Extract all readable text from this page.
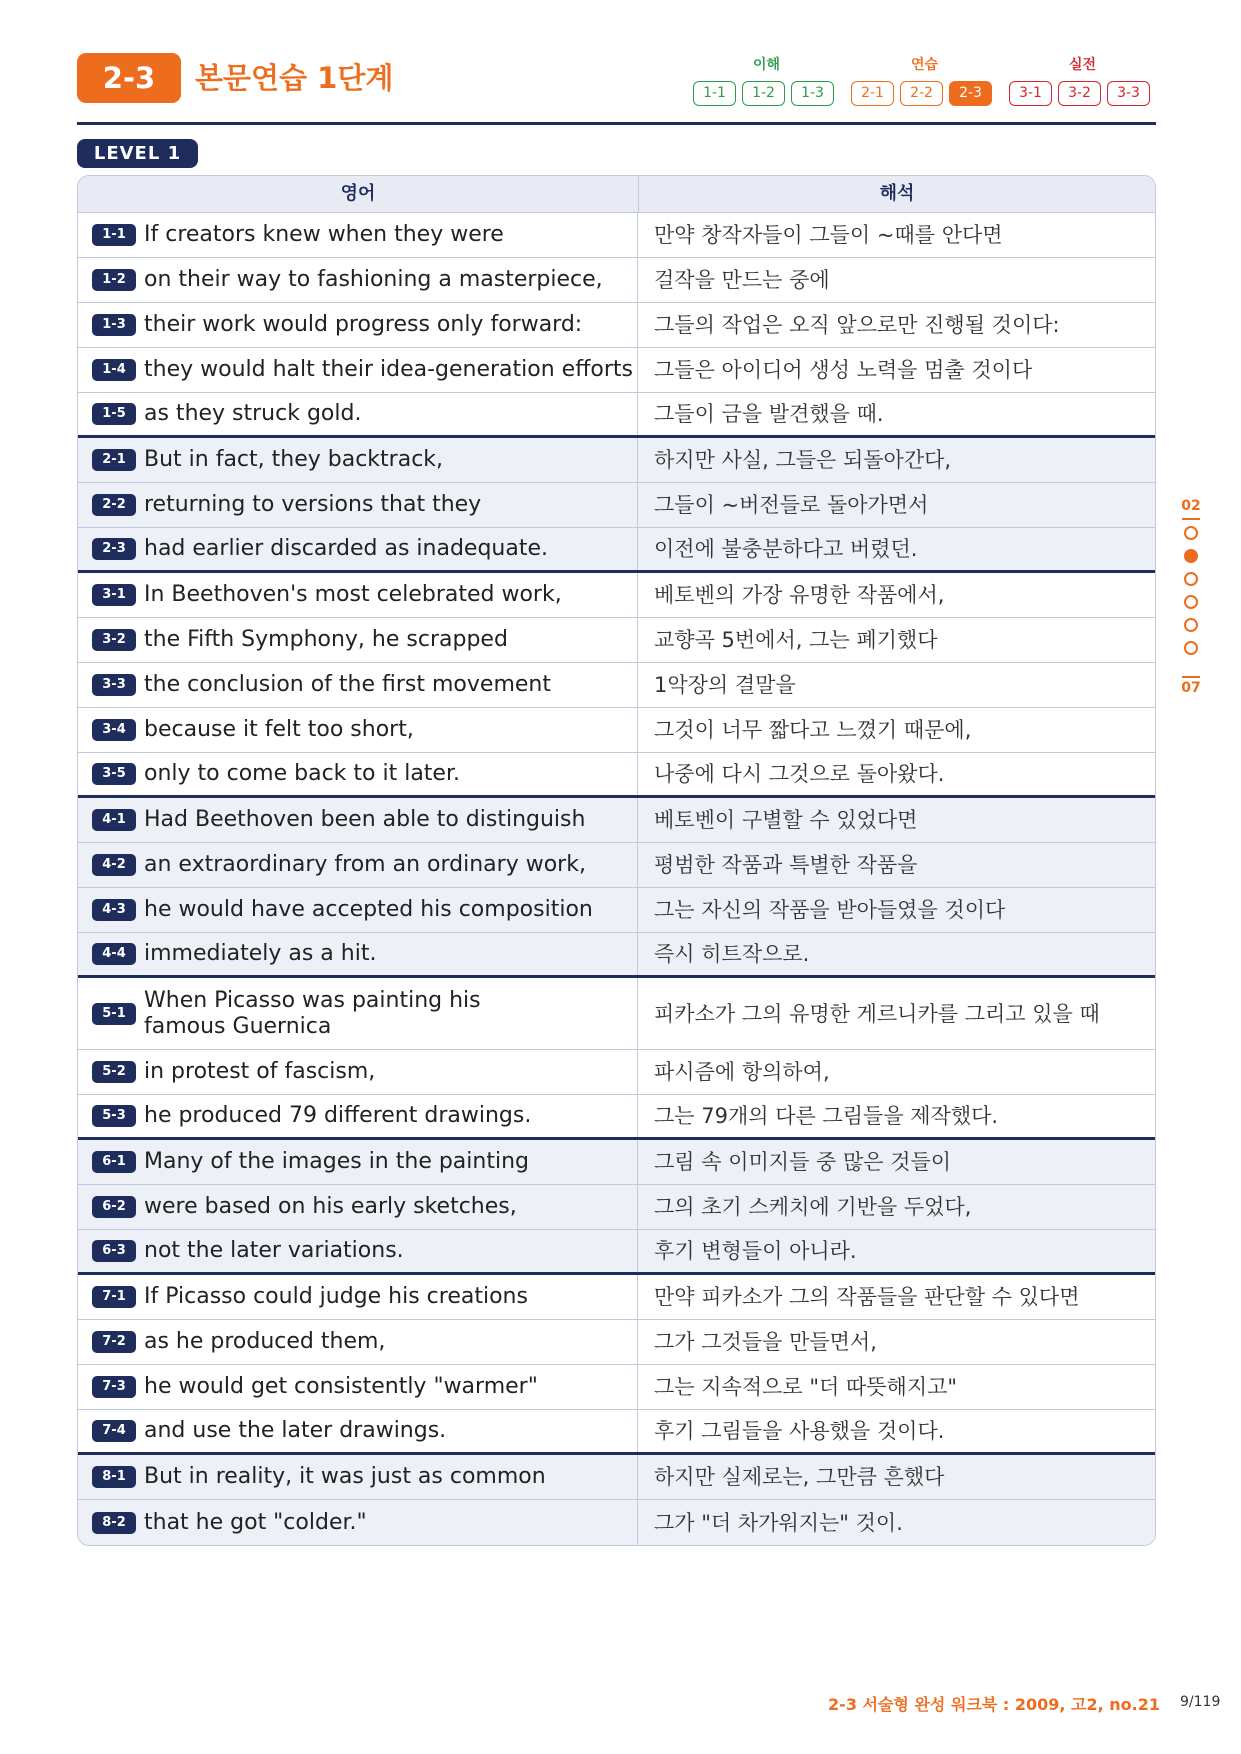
2-3	본문연습 1단계	이해
1-1 1-2 1-3
연습
2-1 2-2 2-3
실전
3-1 3-2 3-3
LEVEL 1
영어	해석
1-1 If creators knew when they were	만약 창작자들이 그들이 ~때를 안다면
1-2 on their way to fashioning a masterpiece, 걸작을 만드는 중에
1-3 their work would progress only forward:	그들의 작업은 오직 앞으로만 진행될 것이다:
1-4 they would halt their idea-generation efforts 그들은 아이디어 생성 노력을 멈출 것이다
1-5 as they struck gold.	그들이 금을 발견했을 때.
2-1 But in fact, they backtrack,	하지만 사실, 그들은 되돌아간다,
2-2 returning to versions that they	그들이 ~버전들로 돌아가면서
2-3 had earlier discarded as inadequate.	이전에 불충분하다고 버렸던.
3-1 In Beethoven's most celebrated work,	베토벤의 가장 유명한 작품에서,
3-2 the Fifth Symphony, he scrapped	교향곡 5번에서, 그는 폐기했다
3-3 the conclusion of the first movement	1악장의 결말을
3-4 because it felt too short,	그것이 너무 짧다고 느꼈기 때문에,
3-5 only to come back to it later.	나중에 다시 그것으로 돌아왔다.
4-1 Had Beethoven been able to distinguish	베토벤이 구별할 수 있었다면
4-2 an extraordinary from an ordinary work,	평범한 작품과 특별한 작품을
4-3 he would have accepted his composition	그는 자신의 작품을 받아들였을 것이다
4-4 immediately as a hit.	즉시 히트작으로.
5-1
When Picasso was painting his famous Guernica	피카소가 그의 유명한 게르니카를 그리고 있을 때
5-2 in protest of fascism,	파시즘에 항의하여,
5-3 he produced 79 different drawings.	그는 79개의 다른 그림들을 제작했다.
6-1 Many of the images in the painting	그림 속 이미지들 중 많은 것들이
6-2 were based on his early sketches,	그의 초기 스케치에 기반을 두었다,
6-3 not the later variations.	후기 변형들이 아니라.
7-1 If Picasso could judge his creations	만약 피카소가 그의 작품들을 판단할 수 있다면
7-2 as he produced them,	그가 그것들을 만들면서,
7-3 he would get consistently "warmer"	그는 지속적으로 "더 따뜻해지고"
7-4 and use the later drawings.	후기 그림들을 사용했을 것이다.
8-1 But in reality, it was just as common	하지만 실제로는, 그만큼 흔했다
8-2 that he got "colder."	그가 "더 차가워지는" 것이.
02
07
2-3 서술형 완성 워크북 : 2009, 고2, no.21 9/119
